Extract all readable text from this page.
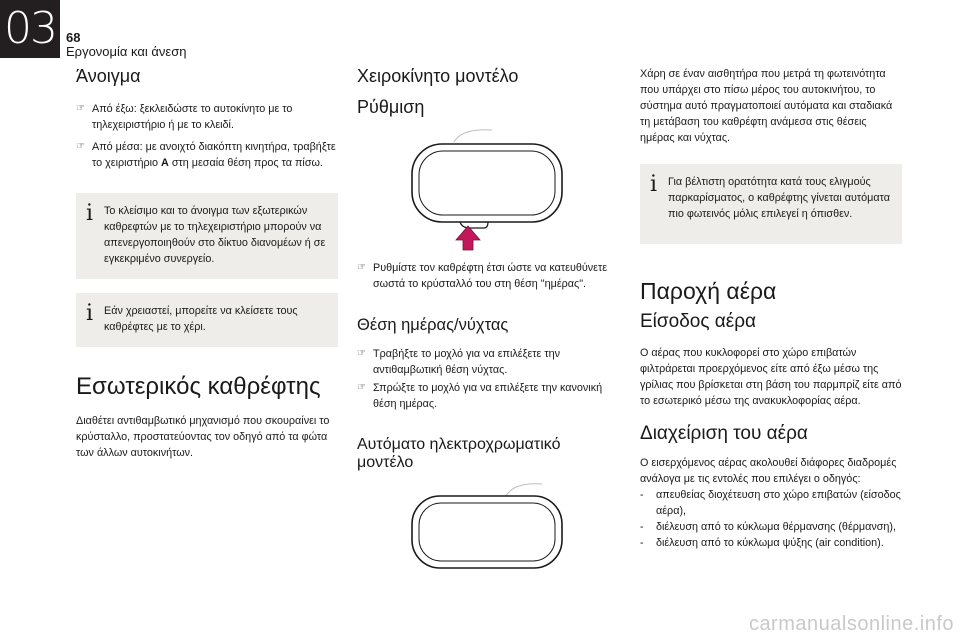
03 68
Εργονομία και άνεση
Άνοιγμα
☞ Από έξω: ξεκλειδώστε το αυτοκίνητο με το τηλεχειριστήριο ή με το κλειδί.
☞ Από μέσα: με ανοιχτό διακόπτη κινητήρα, τραβήξτε το χειριστήριο A στη μεσαία θέση προς τα πίσω.
i Το κλείσιμο και το άνοιγμα των εξωτερικών καθρεφτών με το τηλεχειριστήριο μπορούν να απενεργοποιηθούν στο δίκτυο διανομέων ή σε εγκεκριμένο συνεργείο.
i Εάν χρειαστεί, μπορείτε να κλείσετε τους καθρέφτες με το χέρι.
Εσωτερικός καθρέφτης
Διαθέτει αντιθαμβωτικό μηχανισμό που σκουραίνει το κρύσταλλο, προστατεύοντας τον οδηγό από τα φώτα των άλλων αυτοκινήτων.
Χειροκίνητο μοντέλο
Ρύθμιση
☞ Ρυθμίστε τον καθρέφτη έτσι ώστε να κατευθύνετε σωστά το κρύσταλλό του στη θέση "ημέρας".
Θέση ημέρας/νύχτας
☞ Τραβήξτε το μοχλό για να επιλέξετε την αντιθαμβωτική θέση νύχτας.
☞ Σπρώξτε το μοχλό για να επιλέξετε την κανονική θέση ημέρας.
Αυτόματο ηλεκτροχρωματικό μοντέλο
Χάρη σε έναν αισθητήρα που μετρά τη φωτεινότητα που υπάρχει στο πίσω μέρος του αυτοκινήτου, το σύστημα αυτό πραγματοποιεί αυτόματα και σταδιακά τη μετάβαση του καθρέφτη ανάμεσα στις θέσεις ημέρας και νύχτας.
i Για βέλτιστη ορατότητα κατά τους ελιγμούς παρκαρίσματος, ο καθρέφτης γίνεται αυτόματα πιο φωτεινός μόλις επιλεγεί η όπισθεν.
Παροχή αέρα
Είσοδος αέρα
Ο αέρας που κυκλοφορεί στο χώρο επιβατών φιλτράρεται προερχόμενος είτε από έξω μέσω της γρίλιας που βρίσκεται στη βάση του παρμπρίζ είτε από το εσωτερικό μέσω της ανακυκλοφορίας αέρα.
Διαχείριση του αέρα
Ο εισερχόμενος αέρας ακολουθεί διάφορες διαδρομές ανάλογα με τις εντολές που επιλέγει ο οδηγός:
- απευθείας διοχέτευση στο χώρο επιβατών (είσοδος αέρα),
- διέλευση από το κύκλωμα θέρμανσης (θέρμανση),
- διέλευση από το κύκλωμα ψύξης (air condition).
carmanualsonline.info
